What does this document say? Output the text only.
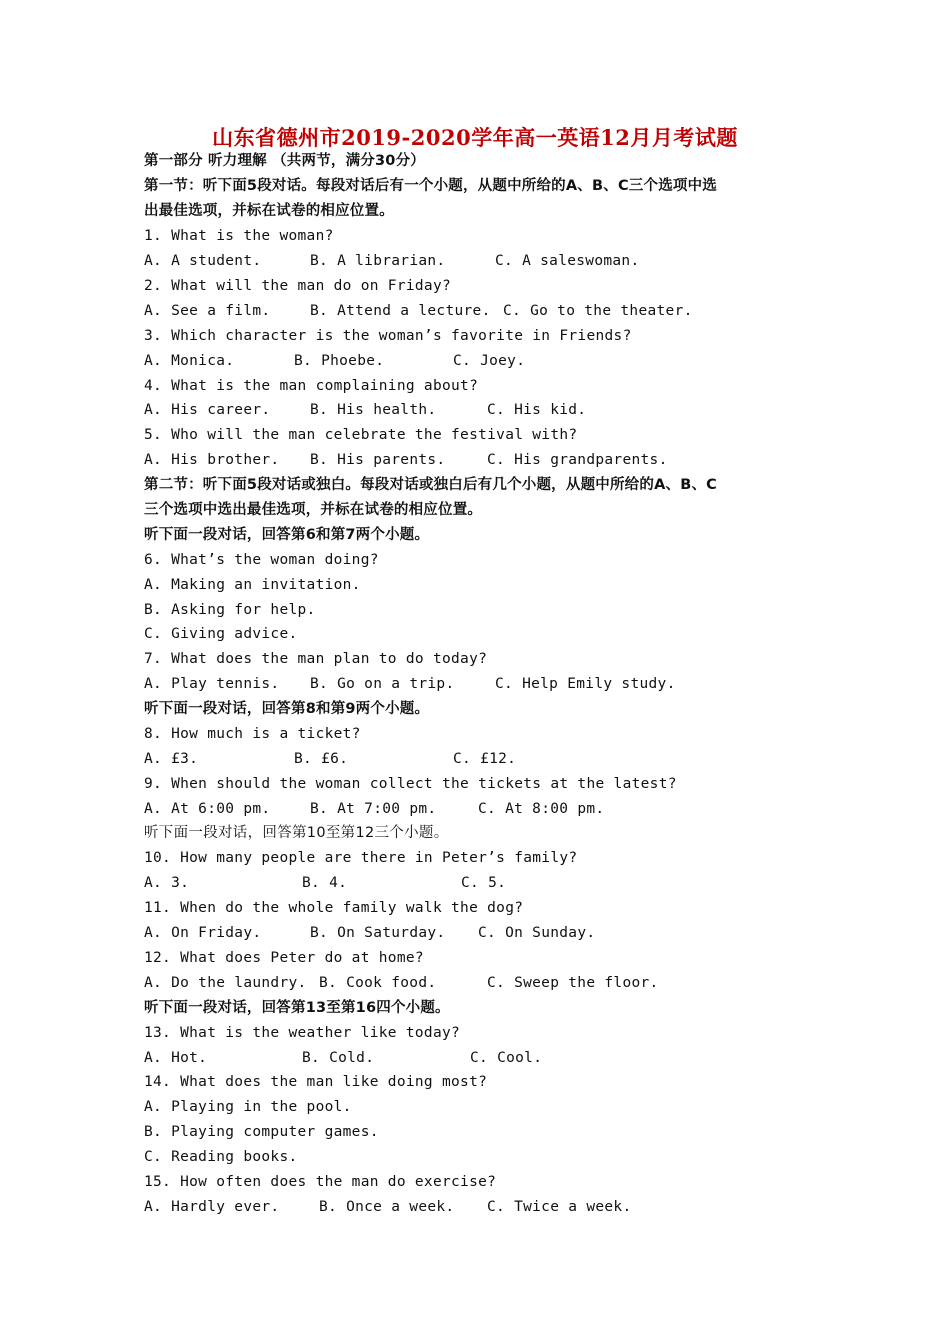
山东省德州市2019-2020学年高一英语12月月考试题
第一部分 听力理解 （共两节，满分30分）
第一节：听下面5段对话。每段对话后有一个小题，从题中所给的A、B、C三个选项中选
出最佳选项，并标在试卷的相应位置。
1. What is the woman?
A. A student.	B. A librarian.	C. A saleswoman.
2. What will the man do on Friday?
A. See a film.	B. Attend a lecture. C. Go to the theater.
3. Which character is the woman’s favorite in Friends?
A. Monica.	B. Phoebe.	C. Joey.
4. What is the man complaining about?
A. His career.	B. His health.	C. His kid.
5. Who will the man celebrate the festival with?
A. His brother. B. His parents.	C. His grandparents.
第二节：听下面5段对话或独白。每段对话或独白后有几个小题，从题中所给的A、B、C
三个选项中选出最佳选项，并标在试卷的相应位置。
听下面一段对话，回答第6和第7两个小题。
6. What’s the woman doing?
A. Making an invitation.
B. Asking for help.
C. Giving advice.
7. What does the man plan to do today?
A. Play tennis. B. Go on a trip.	C. Help Emily study.
听下面一段对话，回答第8和第9两个小题。
8. How much is a ticket?
A. £3.	B. £6.	C. £12.
9. When should the woman collect the tickets at the latest?
A. At 6:00 pm.	B. At 7:00 pm.	C. At 8:00 pm.
听下面一段对话，回答第10至第12三个小题。
10. How many people are there in Peter’s family?
A. 3.	B. 4.	C. 5.
11. When do the whole family walk the dog?
A. On Friday.	B. On Saturday. C. On Sunday.
12. What does Peter do at home?
A. Do the laundry. B. Cook food.	C. Sweep the floor.
听下面一段对话，回答第13至第16四个小题。
13. What is the weather like today?
A. Hot.	B. Cold.	C. Cool.
14. What does the man like doing most?
A. Playing in the pool.
B. Playing computer games.
C. Reading books.
15. How often does the man do exercise?
A. Hardly ever.	B. Once a week. C. Twice a week.
